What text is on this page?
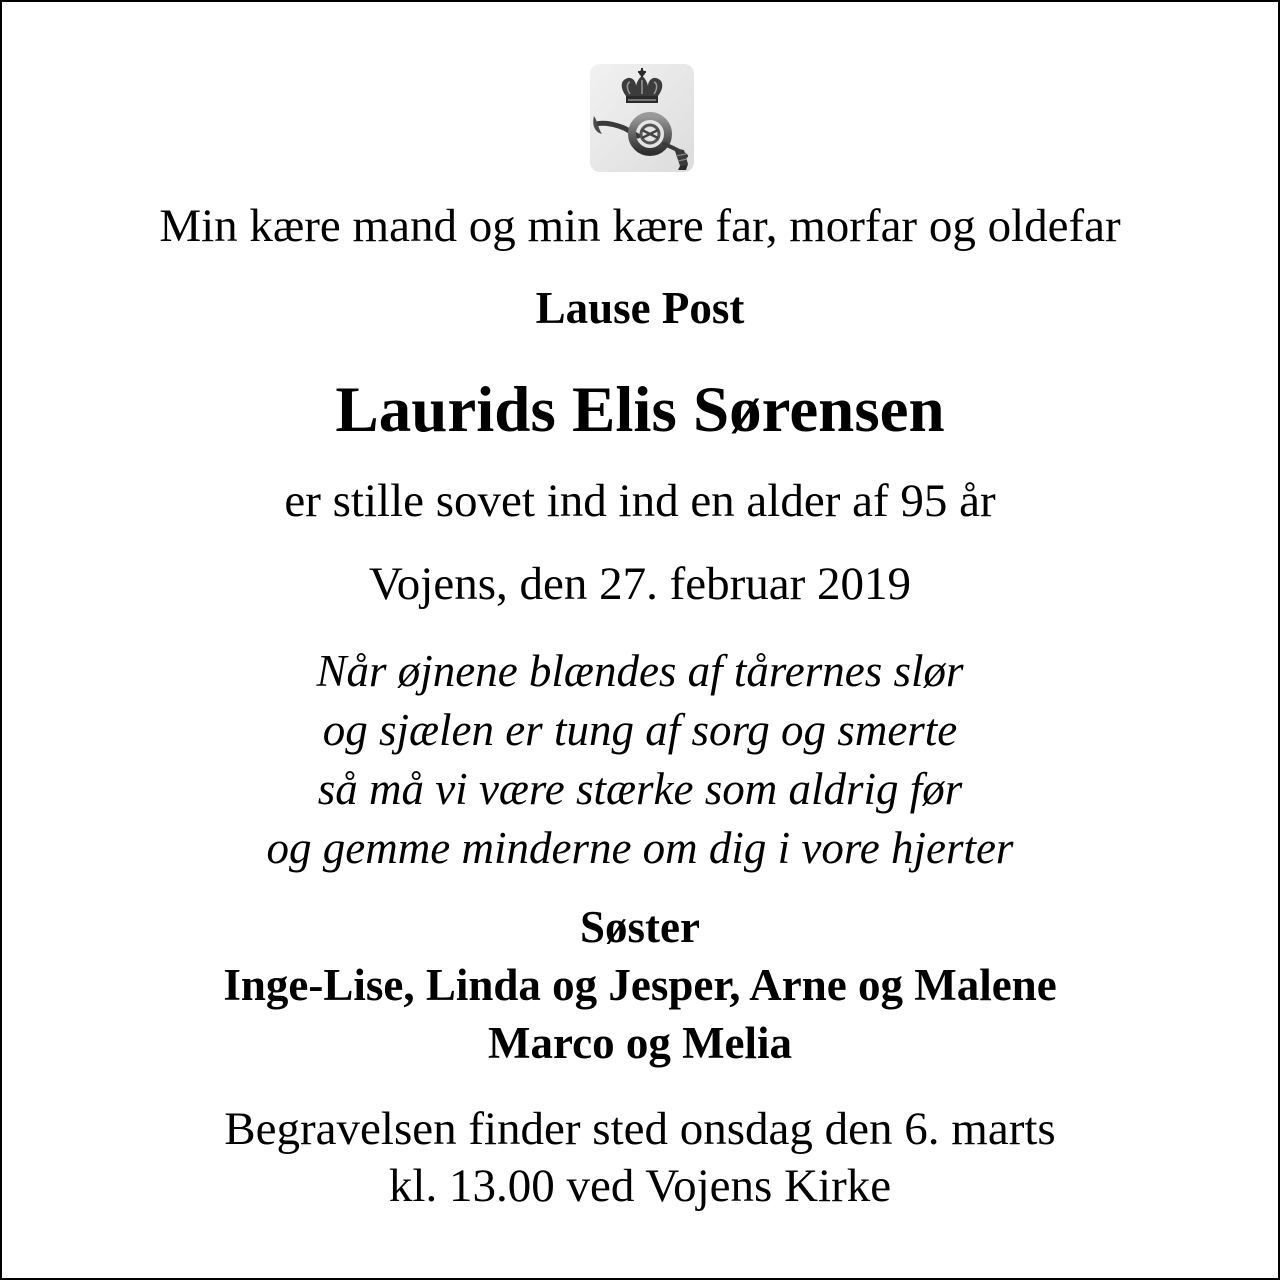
Min kære mand og min kære far, morfar og oldefar
Lause Post
Laurids Elis Sørensen
er stille sovet ind ind en alder af 95 år
Vojens, den 27. februar 2019
Når øjnene blændes af tårernes slør
og sjælen er tung af sorg og smerte
så må vi være stærke som aldrig før
og gemme minderne om dig i vore hjerter
Søster
Inge-Lise, Linda og Jesper, Arne og Malene
Marco og Melia
Begravelsen finder sted onsdag den 6. marts
kl. 13.00 ved Vojens Kirke
